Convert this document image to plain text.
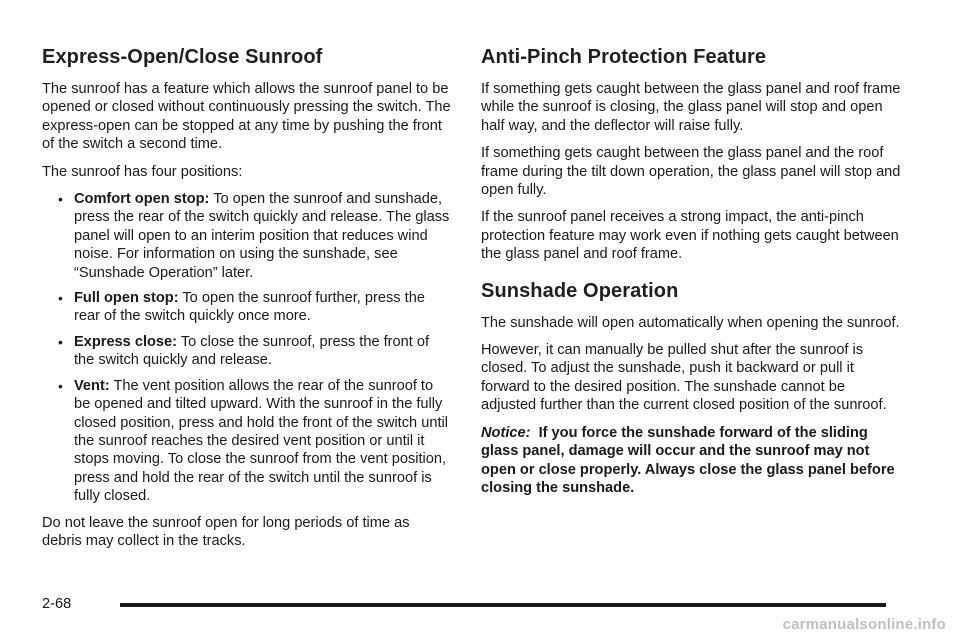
Express-Open/Close Sunroof

The sunroof has a feature which allows the sunroof panel to be opened or closed without continuously pressing the switch. The express-open can be stopped at any time by pushing the front of the switch a second time.

The sunroof has four positions:

• Comfort open stop: To open the sunroof and sunshade, press the rear of the switch quickly and release. The glass panel will open to an interim position that reduces wind noise. For information on using the sunshade, see “Sunshade Operation” later.
• Full open stop: To open the sunroof further, press the rear of the switch quickly once more.
• Express close: To close the sunroof, press the front of the switch quickly and release.
• Vent: The vent position allows the rear of the sunroof to be opened and tilted upward. With the sunroof in the fully closed position, press and hold the front of the switch until the sunroof reaches the desired vent position or until it stops moving. To close the sunroof from the vent position, press and hold the rear of the switch until the sunroof is fully closed.

Do not leave the sunroof open for long periods of time as debris may collect in the tracks.

Anti-Pinch Protection Feature

If something gets caught between the glass panel and roof frame while the sunroof is closing, the glass panel will stop and open half way, and the deflector will raise fully.

If something gets caught between the glass panel and the roof frame during the tilt down operation, the glass panel will stop and open fully.

If the sunroof panel receives a strong impact, the anti-pinch protection feature may work even if nothing gets caught between the glass panel and roof frame.

Sunshade Operation

The sunshade will open automatically when opening the sunroof.

However, it can manually be pulled shut after the sunroof is closed. To adjust the sunshade, push it backward or pull it forward to the desired position. The sunshade cannot be adjusted further than the current closed position of the sunroof.

Notice: If you force the sunshade forward of the sliding glass panel, damage will occur and the sunroof may not open or close properly. Always close the glass panel before closing the sunshade.

2-68
carmanualsonline.info
